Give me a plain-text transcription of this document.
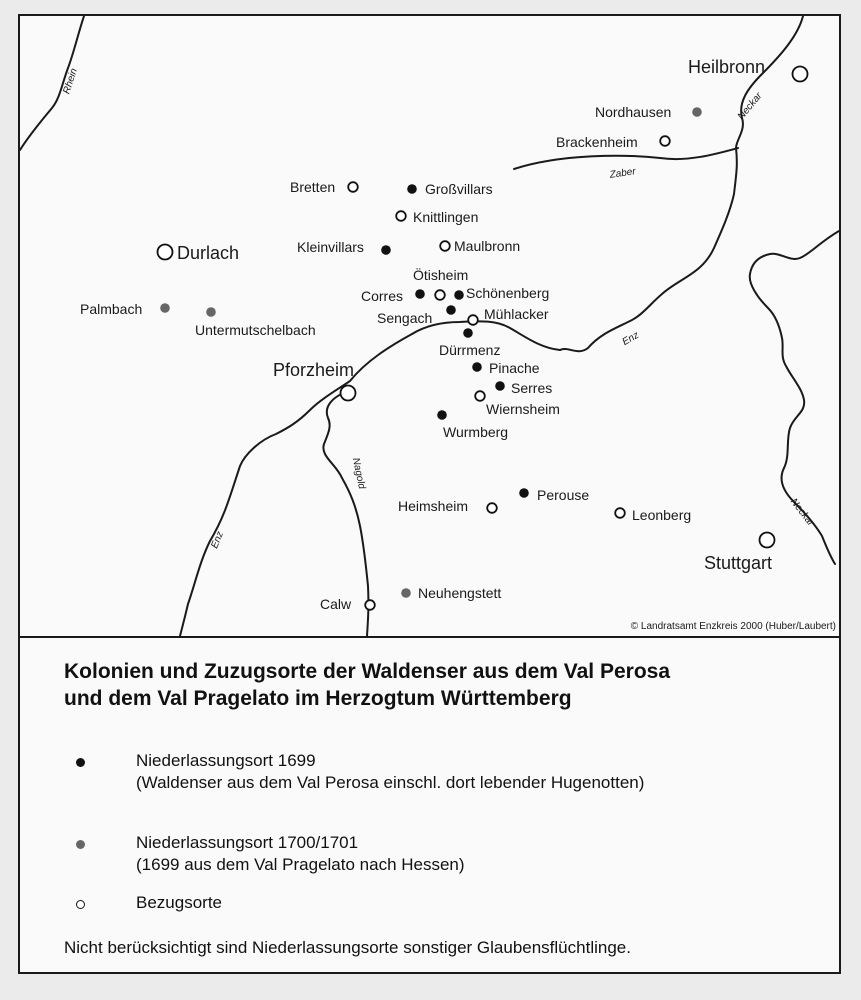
Rhein
Neckar
Zaber
Enz
Enz
Nagold
Neckar
Heilbronn
Nordhausen
Brackenheim
Bretten	Großvillars
Knittlingen
Durlach	Kleinvillars	Maulbronn
Ötisheim
Corres	Schönenberg
Palmbach
Untermutschelbach
Sengach	Mühlacker
Dürrmenz
Pforzheim	Pinache
Serres
Wiernsheim
Wurmberg
Perouse
Heimsheim
Leonberg
Stuttgart
Neuhengstett
Calw
© Landratsamt Enzkreis 2000 (Huber/Laubert)
Kolonien und Zuzugsorte der Waldenser aus dem Val Perosa
und dem Val Pragelato im Herzogtum Württemberg
Niederlassungsort 1699
(Waldenser aus dem Val Perosa einschl. dort lebender Hugenotten)
Niederlassungsort 1700/1701
(1699 aus dem Val Pragelato nach Hessen)
Bezugsorte
Nicht berücksichtigt sind Niederlassungsorte sonstiger Glaubensflüchtlinge.
